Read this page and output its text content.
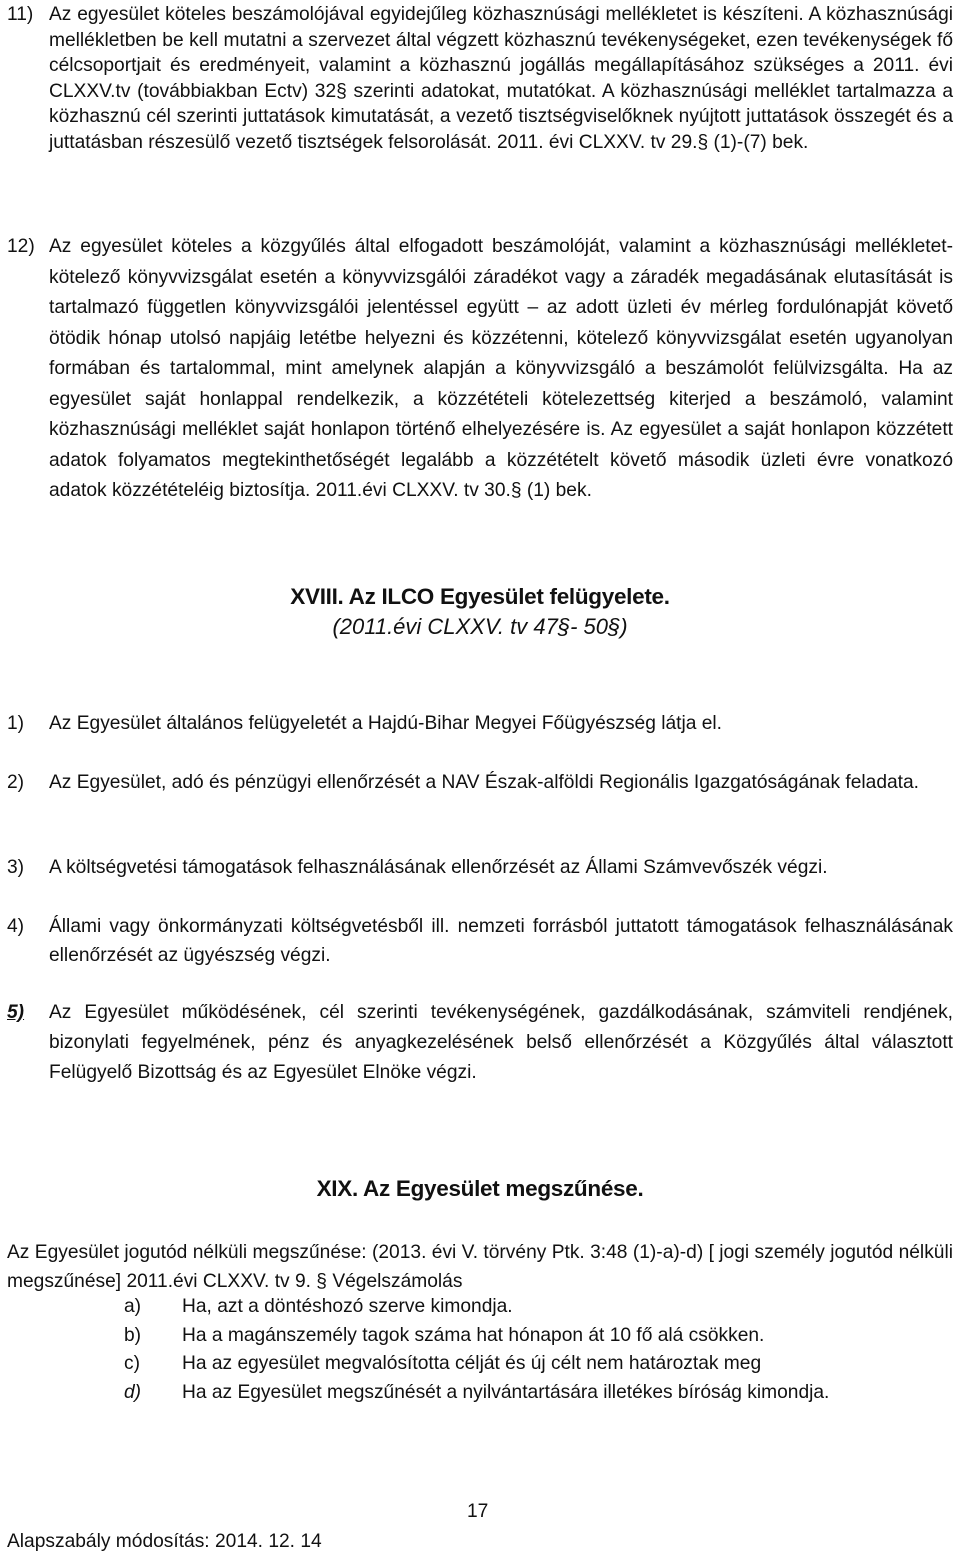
11) Az egyesület köteles beszámolójával egyidejűleg közhasznúsági mellékletet is készíteni. A közhasznúsági mellékletben be kell mutatni a szervezet által végzett közhasznú tevékenységeket, ezen tevékenységek fő célcsoportjait és eredményeit, valamint a közhasznú jogállás megállapításához szükséges a 2011. évi CLXXV.tv (továbbiakban Ectv) 32§ szerinti adatokat, mutatókat. A közhasznúsági melléklet tartalmazza a közhasznú cél szerinti juttatások kimutatását, a vezető tisztségviselőknek nyújtott juttatások összegét és a juttatásban részesülő vezető tisztségek felsorolását. 2011. évi CLXXV. tv 29.§ (1)-(7) bek.
12) Az egyesület köteles a közgyűlés által elfogadott beszámolóját, valamint a közhasznúsági mellékletet- kötelező könyvvizsgálat esetén a könyvvizsgálói záradékot vagy a záradék megadásának elutasítását is tartalmazó független könyvvizsgálói jelentéssel együtt – az adott üzleti év mérleg fordulónapját követő ötödik hónap utolsó napjáig letétbe helyezni és közzétenni, kötelező könyvvizsgálat esetén ugyanolyan formában és tartalommal, mint amelynek alapján a könyvvizsgáló a beszámolót felülvizsgálta. Ha az egyesület saját honlappal rendelkezik, a közzétételi kötelezettség kiterjed a beszámoló, valamint közhasznúsági melléklet saját honlapon történő elhelyezésére is. Az egyesület a saját honlapon közzétett adatok folyamatos megtekinthetőségét legalább a közzétételt követő második üzleti évre vonatkozó adatok közzétételéig biztosítja. 2011.évi CLXXV. tv 30.§ (1) bek.

XVIII. Az ILCO Egyesület felügyelete.

(2011.évi CLXXV. tv 47§- 50§)

1)	Az Egyesület általános felügyeletét a Hajdú-Bihar Megyei Főügyészség látja el.
2)	Az Egyesület, adó és pénzügyi ellenőrzését a NAV Észak-alföldi Regionális Igazgatóságának feladata.
3)	A költségvetési támogatások felhasználásának ellenőrzését az Állami Számvevőszék végzi.
4)	Állami vagy önkormányzati költségvetésből ill. nemzeti forrásból juttatott támogatások felhasználásának ellenőrzését az ügyészség végzi.
5)	Az Egyesület működésének, cél szerinti tevékenységének, gazdálkodásának, számviteli rendjének, bizonylati fegyelmének, pénz és anyagkezelésének belső ellenőrzését a Közgyűlés által választott Felügyelő Bizottság és az Egyesület Elnöke végzi.

XIX. Az Egyesület megszűnése.

Az Egyesület jogutód nélküli megszűnése: (2013. évi V. törvény Ptk. 3:48 (1)-a)-d) [ jogi személy jogutód nélküli megszűnése] 2011.évi CLXXV. tv 9. § Végelszámolás

a)	Ha, azt a döntéshozó szerve kimondja.
b)	Ha a magánszemély tagok száma hat hónapon át 10 fő alá csökken.
c)	Ha az egyesület megvalósította célját és új célt nem határoztak meg
d)	Ha az Egyesület megszűnését a nyilvántartására illetékes bíróság kimondja.
17
Alapszabály módosítás: 2014. 12. 14
